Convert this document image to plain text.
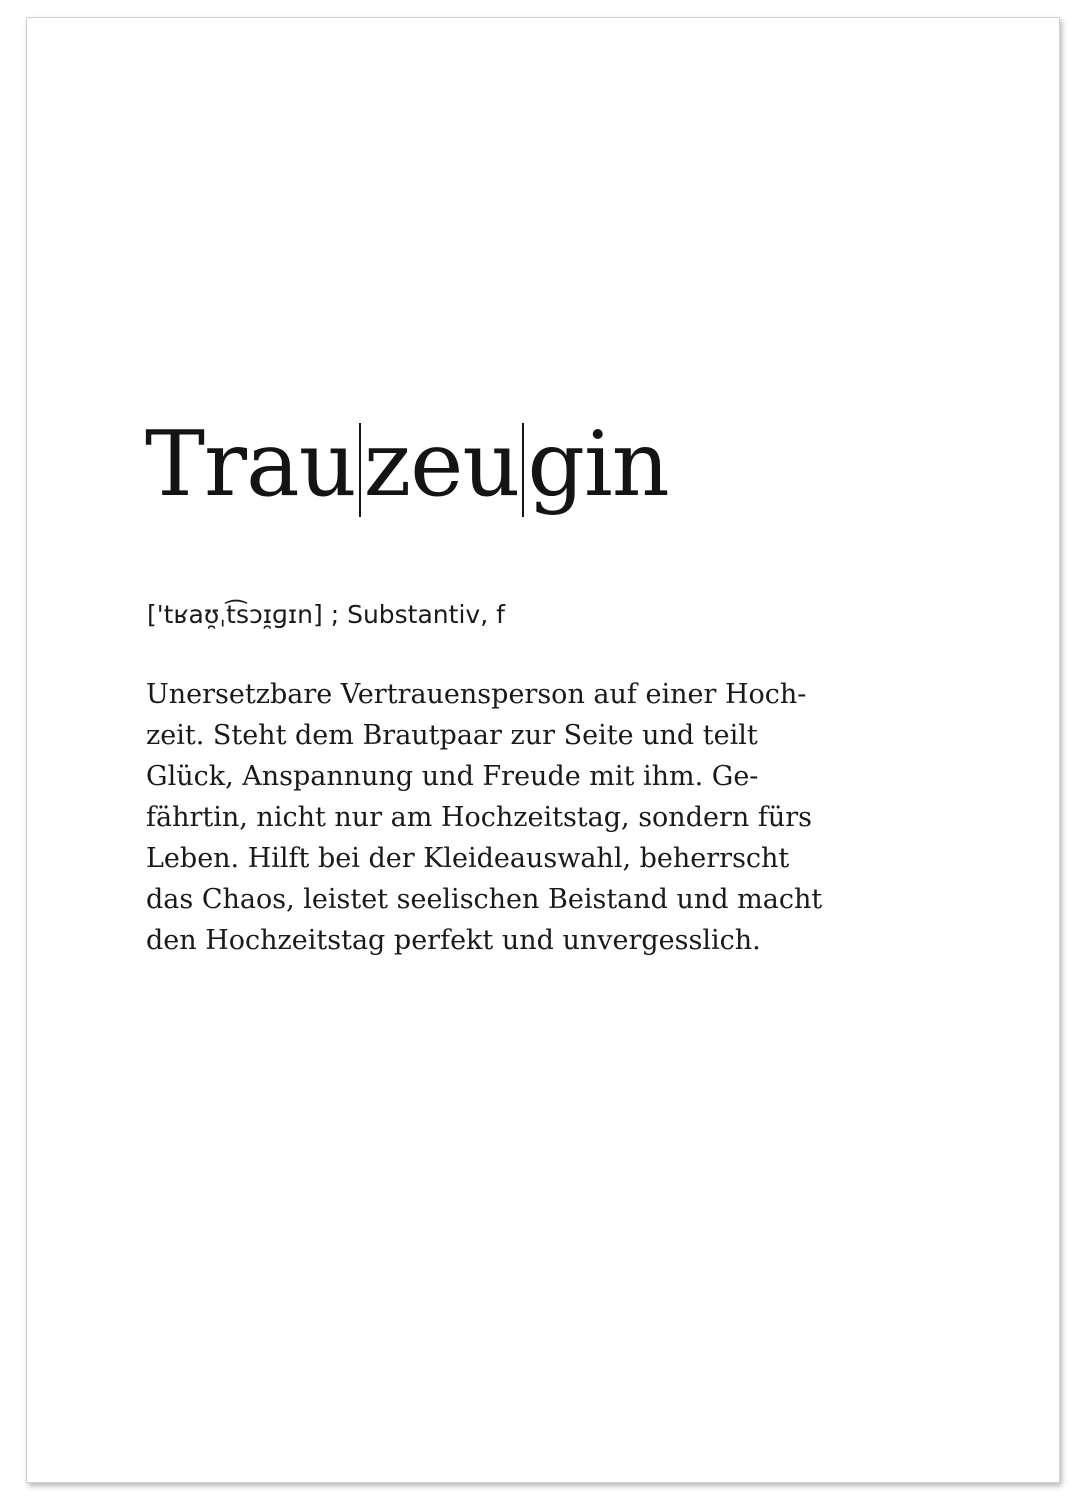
Trauzeugin

['tʁaʊ̯ˌt͡sɔɪ̯ɡɪn] ; Substantiv, f

Unersetzbare Vertrauensperson auf einer Hoch-
zeit. Steht dem Brautpaar zur Seite und teilt
Glück, Anspannung und Freude mit ihm. Ge-
fährtin, nicht nur am Hochzeitstag, sondern fürs
Leben. Hilft bei der Kleideauswahl, beherrscht
das Chaos, leistet seelischen Beistand und macht
den Hochzeitstag perfekt und unvergesslich.
